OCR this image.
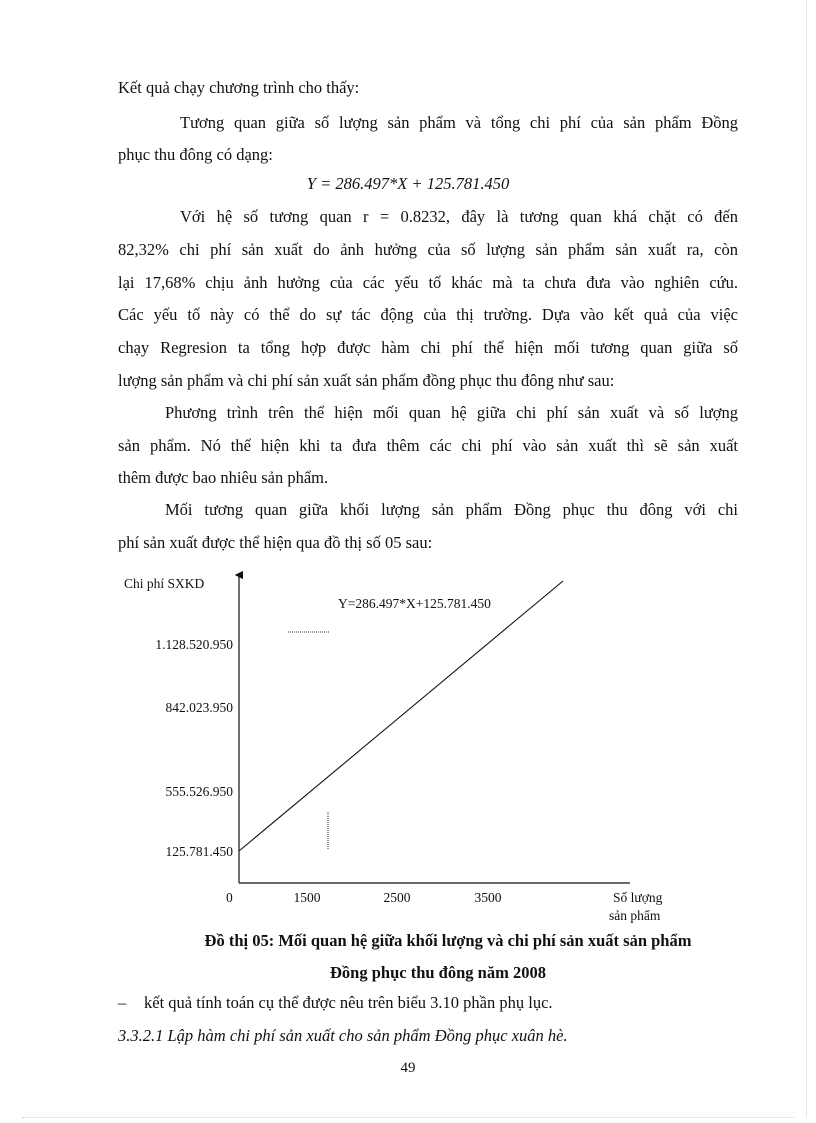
Kết quả chạy chương trình cho thấy:
Tương quan giữa số lượng sản phẩm và tổng chi phí của sản phẩm Đồng
phục thu đông có dạng:
Y = 286.497*X + 125.781.450
Với hệ số tương quan r = 0.8232, đây là tương quan khá chặt có đến
82,32% chi phí sản xuất do ảnh hưởng của số lượng sản phẩm sản xuất ra, còn
lại 17,68% chịu ảnh hưởng của các yếu tố khác mà ta chưa đưa vào nghiên cứu.
Các yếu tố này có thể do sự tác động của thị trường. Dựa vào kết quả của việc
chạy Regresion ta tổng hợp được hàm chi phí thể hiện mối tương quan giữa số
lượng sản phẩm và chi phí sản xuất sản phẩm đồng phục thu đông như sau:
Phương trình trên thể hiện mối quan hệ giữa chi phí sản xuất và số lượng
sản phẩm. Nó thể hiện khi ta đưa thêm các chi phí vào sản xuất thì sẽ sản xuất
thêm được bao nhiêu sản phẩm.
Mối tương quan giữa khối lượng sản phẩm Đồng phục thu đông với chi
phí sản xuất được thể hiện qua đồ thị số 05 sau:
125.781.450
555.526.950
842.023.950
1.128.520.950
1500	2500	3500
Chi phí SXKD
Y=286.497*X+125.781.450
0	Số lượng
sản phẩm
Đồ thị 05: Mối quan hệ giữa khối lượng và chi phí sản xuất sản phẩm
Đồng phục thu đông năm 2008
– kết quả tính toán cụ thể được nêu trên biểu 3.10 phần phụ lục.
3.3.2.1 Lập hàm chi phí sản xuất cho sản phẩm Đồng phục xuân hè.
49
